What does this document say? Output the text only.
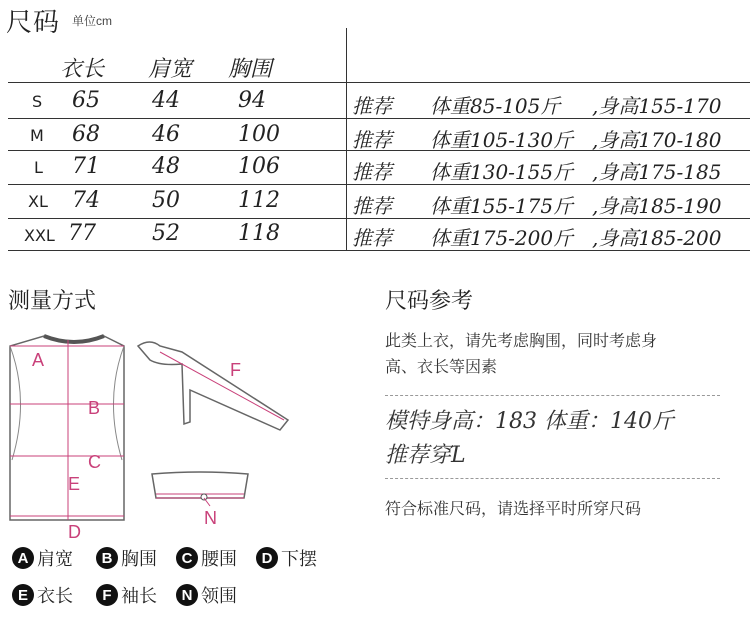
尺码 单位cm
衣长 肩宽 胸围
S 65 44	94	推荐 体重85-105斤 ,身高155-170
M 68 46	100	推荐 体重105-130斤 ,身高170-180
L 71 48	106	推荐 体重130-155斤 ,身高175-185
XL 74 50	112	推荐 体重155-175斤 ,身高185-190
XXL 77	52	118	推荐 体重175-200斤 ,身高185-200
测量方式
A
B
C
E
D
F
N
A 肩宽	B 胸围	C 腰围	D 下摆
E 衣长	F 袖长	N 领围
尺码参考
此类上衣，请先考虑胸围，同时考虑身
高、衣长等因素
模特身高：183 体重：140斤
推荐穿L
符合标准尺码，请选择平时所穿尺码
